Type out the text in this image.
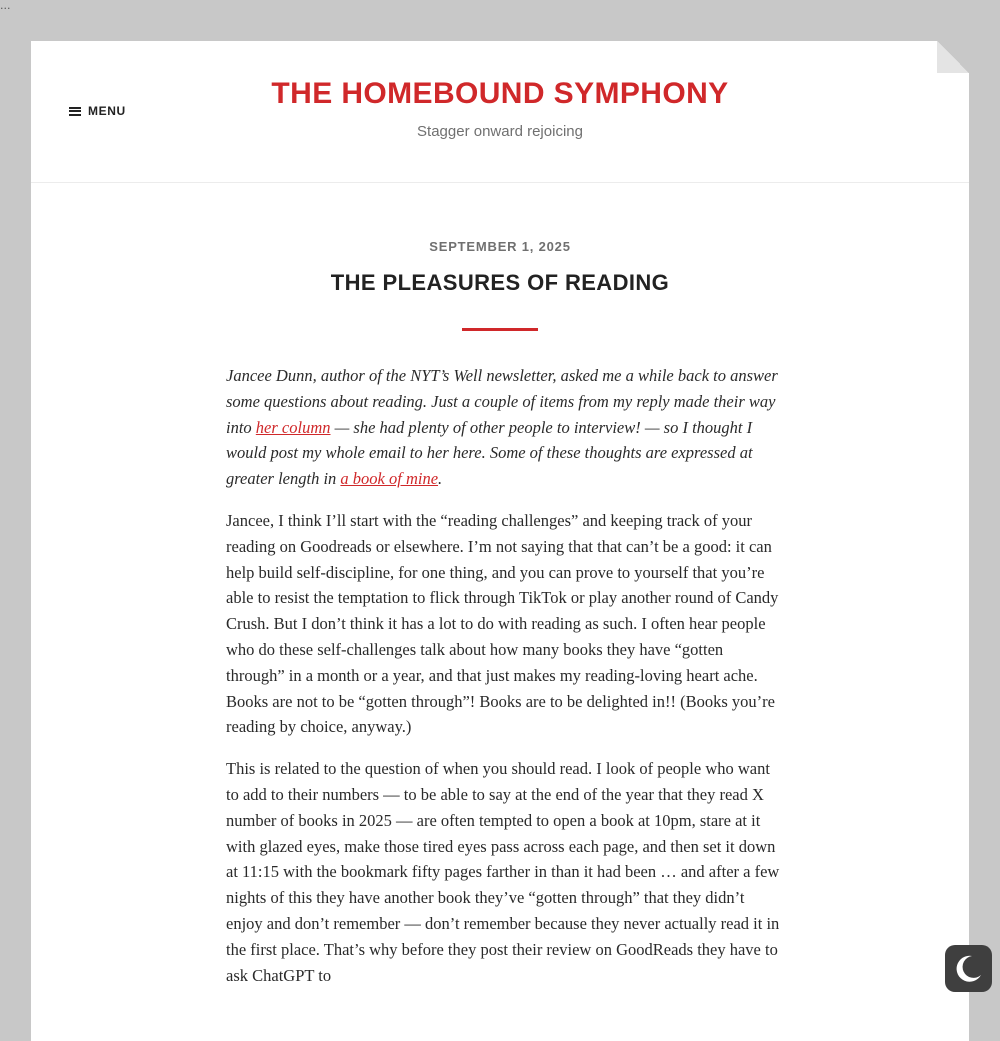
...
MENU
THE HOMEBOUND SYMPHONY
Stagger onward rejoicing
SEPTEMBER 1, 2025
THE PLEASURES OF READING

Jancee Dunn, author of the NYT’s Well newsletter, asked me a while back to answer some questions about reading. Just a couple of items from my reply made their way into her column — she had plenty of other people to interview! — so I thought I would post my whole email to her here. Some of these thoughts are expressed at greater length in a book of mine.

Jancee, I think I’ll start with the “reading challenges” and keeping track of your reading on Goodreads or elsewhere. I’m not saying that that can’t be a good: it can help build self-discipline, for one thing, and you can prove to yourself that you’re able to resist the temptation to flick through TikTok or play another round of Candy Crush. But I don’t think it has a lot to do with reading as such. I often hear people who do these self-challenges talk about how many books they have “gotten through” in a month or a year, and that just makes my reading-loving heart ache. Books are not to be “gotten through”! Books are to be delighted in!! (Books you’re reading by choice, anyway.)

This is related to the question of when you should read. I look of people who want to add to their numbers — to be able to say at the end of the year that they read X number of books in 2025 — are often tempted to open a book at 10pm, stare at it with glazed eyes, make those tired eyes pass across each page, and then set it down at 11:15 with the bookmark fifty pages farther in than it had been … and after a few nights of this they have another book they’ve “gotten through” that they didn’t enjoy and don’t remember — don’t remember because they never actually read it in the first place. That’s why before they post their review on GoodReads they have to ask ChatGPT to
